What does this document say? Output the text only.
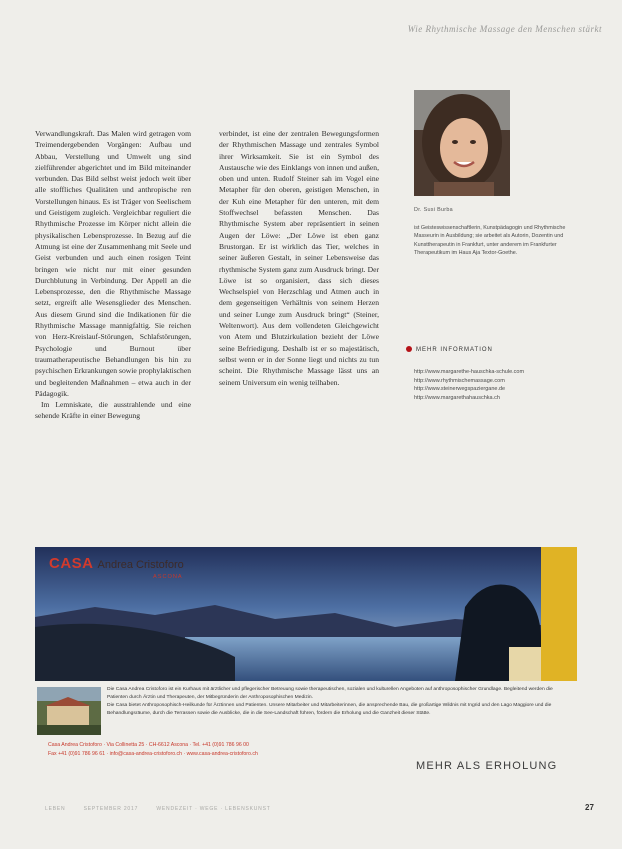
Wie Rhythmische Massage den Menschen stärkt

Verwandlungskraft. Das Malen wird getragen vom Treimendergebenden Vorgängen: Aufbau und Abbau, Verstellung und Umwelt ung sind zielführender abgerichtet und im Bild miteinander verbunden. Das Bild selbst weist jedoch weit über alle stoffliches Qualitäten und anthropische ren Vorstellungen hinaus. Es ist Träger von Seelischem und Geistigem zugleich. Vergleichbar reguliert die Rhythmische Prozesse im Körper nicht allein die physikalischen Lebensprozesse. In Bezug auf die Atmung ist eine der Zusammenhang mit Seele und Geist verbunden und auch einen rosigen Teint bringen wie nicht nur mit einer gesunden Durchblutung in Verbindung. Der Appell an die Lebensprozesse, den die Rhythmische Massage setzt, ergreift alle Wesensglieder des Menschen. Aus diesem Grund sind die Indikationen für die Rhythmische Massage mannigfaltig. Sie reichen von Herz-Kreislauf-Störungen, Schlafstörungen, Psychologie und Burnout über traumatherapeutische Behandlungen bis hin zu psychischen Erkrankungen sowie prophylaktischen und begleitenden Maßnahmen – etwa auch in der Pädagogik.

Im Lemniskate, die ausstrahlende und eine sehende Kräfte in einer Bewegung

verbindet, ist eine der zentralen Bewegungsformen der Rhythmischen Massage und zentrales Symbol ihrer Wirksamkeit. Sie ist ein Symbol des Austausche wie des Einklangs von innen und außen, oben und unten. Rudolf Steiner sah im Vogel eine Metapher für den oberen, geistigen Menschen, in der Kuh eine Metapher für den unteren, mit dem Stoffwechsel befassten Menschen. Das Rhythmische System aber repräsentiert in seinen Augen der Löwe: „Der Löwe ist eben ganz Brustorgan. Er ist wirklich das Tier, welches in seiner äußeren Gestalt, in seiner Lebensweise das rhythmische System ganz zum Ausdruck bringt. Der Löwe ist so organisiert, dass sich dieses Wechselspiel von Herzschlag und Atmen auch in dem gegenseitigen Verhältnis von seinem Herzen und seiner Lunge zum Ausdruck bringt“ (Steiner, Weltenwort). Aus dem vollendeten Gleichgewicht von Atem und Blutzirkulation bezieht der Löwe seine Befriedigung. Deshalb ist er so majestätisch, selbst wenn er in der Sonne liegt und nichts zu tun scheint. Die Rhythmische Massage lässt uns an seinem Universum ein wenig teilhaben.

Dr. Susi Burba
ist Geisteswissenschaftlerin, Kunstpädagogin und Rhythmische Masseurin in Ausbildung; sie arbeitet als Autorin, Dozentin und Kunsttherapeutin in Frankfurt, unter anderem im Frankfurter Therapeutikum im Haus Aja Textor-Goethe.
MEHR INFORMATION
http://www.margarethe-hauschka-schule.com
http://www.rhythmischemassage.com
http://www.steinerwegspaziergane.de
http://www.margarethahauschka.ch
CASA Andrea Cristoforo
ASCONA

Die Casa Andrea Cristoforo ist ein Kurhaus mit ärztlicher und pflegerischer Betreuung sowie therapeutischen, sozialen und kulturellen Angeboten auf anthroposophischer Grundlage. Begleitend werden die Patienten durch Ärztin und Therapeuten, der Mitbegründerin der Anthroposophischen Medizin.

Die Casa bietet Anthroposophisch-Heilkunde für Ärztinnen und Patienten. Unsere Mitarbeiter und Mitarbeiterinnen, die ansprechende Bau, die großartige Wildnis mit Ingrid und den Lago Maggiore und die Behandlungsräume, durch die Terrassen sowie die Ausblicke, die in die See-Landschaft führen, fördern die Erholung und die Ganzheit dieser Stätte.

Casa Andrea Cristoforo · Via Collinetta 25 · CH-6612 Ascona · Tel. +41 (0)91 786 96 00
Fax +41 (0)91 786 96 61 · info@casa-andrea-cristoforo.ch · www.casa-andrea-cristoforo.ch
MEHR ALS ERHOLUNG
LEBEN	SEPTEMBER 2017	WENDEZEIT · WEGE · LEBENSKUNST	27
